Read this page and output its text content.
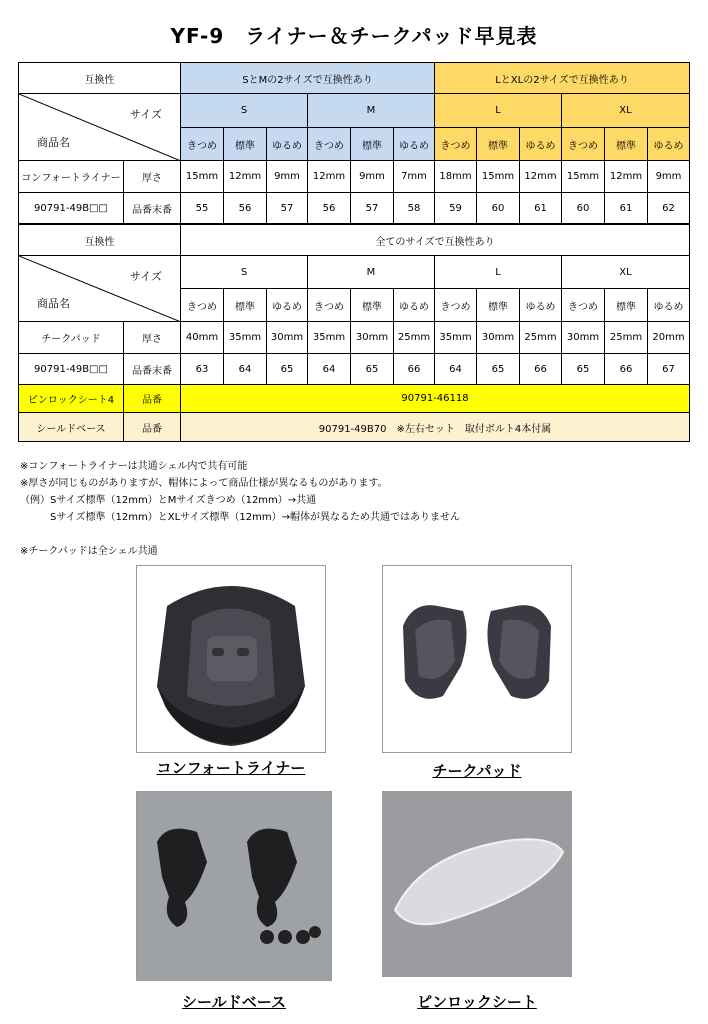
YF-9　ライナー＆チークパッド早見表
互換性		SとMの2サイズで互換性あり						LとXLの2サイズで互換性あり					

サイズ
商品名		S			M			L			XL		
		きつめ	標準	ゆるめ	きつめ	標準	ゆるめ	きつめ	標準	ゆるめ	きつめ	標準	ゆるめ
コンフォートライナー	厚さ	15mm	12mm	9mm	12mm	9mm	7mm	18mm	15mm	12mm	15mm	12mm	9mm
90791-49B□□	品番末番	55	56	57	56	57	58	59	60	61	60	61	62
互換性		全てのサイズで互換性あり											

サイズ
商品名		S			M			L			XL		
		きつめ	標準	ゆるめ	きつめ	標準	ゆるめ	きつめ	標準	ゆるめ	きつめ	標準	ゆるめ
チークパッド	厚さ	40mm	35mm	30mm	35mm	30mm	25mm	35mm	30mm	25mm	30mm	25mm	20mm
90791-49B□□	品番末番	63	64	65	64	65	66	64	65	66	65	66	67
ピンロックシート4	品番	90791-46118											
シールドベース	品番	90791-49B70　※左右セット　取付ボルト4本付属											
※コンフォートライナーは共通シェル内で共有可能
※厚さが同じものがありますが、帽体によって商品仕様が異なるものがあります。
（例）Sサイズ標準（12mm）とMサイズきつめ（12mm）→共通
　　　Sサイズ標準（12mm）とXLサイズ標準（12mm）→帽体が異なるため共通ではありません

※チークパッドは全シェル共通
コンフォートライナー	チークパッド
シールドベース	ピンロックシート
